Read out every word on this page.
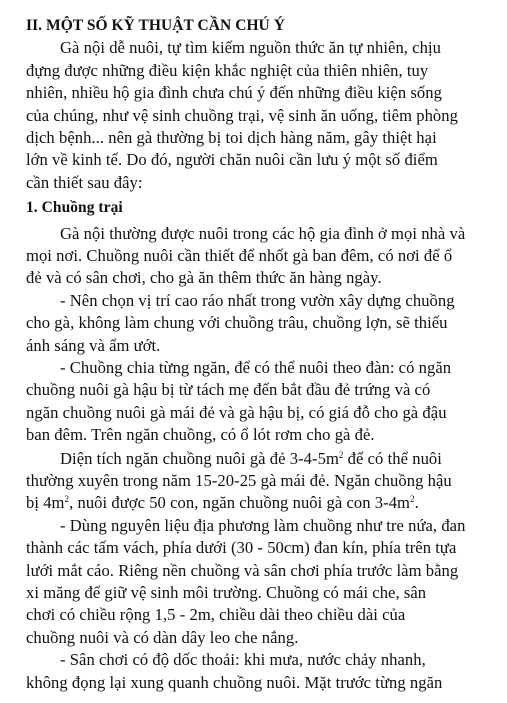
II. MỘT SỐ KỸ THUẬT CẦN CHÚ Ý
Gà nội dễ nuôi, tự tìm kiếm nguồn thức ăn tự nhiên, chịu
đựng được những điều kiện khắc nghiệt của thiên nhiên, tuy
nhiên, nhiều hộ gia đình chưa chú ý đến những điều kiện sống
của chúng, như vệ sinh chuồng trại, vệ sinh ăn uống, tiêm phòng
dịch bệnh... nên gà thường bị toi dịch hàng năm, gây thiệt hại
lớn về kinh tế. Do đó, người chăn nuôi cần lưu ý một số điểm
cần thiết sau đây:
1. Chuồng trại
Gà nội thường được nuôi trong các hộ gia đình ở mọi nhà và
mọi nơi. Chuồng nuôi cần thiết để nhốt gà ban đêm, có nơi để ổ
đẻ và có sân chơi, cho gà ăn thêm thức ăn hàng ngày.
- Nên chọn vị trí cao ráo nhất trong vườn xây dựng chuồng
cho gà, không làm chung với chuồng trâu, chuồng lợn, sẽ thiếu
ánh sáng và ẩm ướt.
- Chuồng chia từng ngăn, để có thể nuôi theo đàn: có ngăn
chuồng nuôi gà hậu bị từ tách mẹ đến bắt đầu đẻ trứng và có
ngăn chuồng nuôi gà mái đẻ và gà hậu bị, có giá đỗ cho gà đậu
ban đêm. Trên ngăn chuồng, có ổ lót rơm cho gà đẻ.
Diện tích ngăn chuồng nuôi gà đẻ $3-4-5m^2$ để có thể nuôi
thường xuyên trong năm 15-20-25 gà mái đẻ. Ngăn chuồng hậu
bị $4m^2$, nuôi được 50 con, ngăn chuồng nuôi gà con $3-4m^2$.
- Dùng nguyên liệu địa phương làm chuồng như tre nứa, đan
thành các tấm vách, phía dưới (30 - 50cm) đan kín, phía trên tựa
lưới mắt cáo. Riêng nền chuồng và sân chơi phía trước làm bằng
xi măng để giữ vệ sinh môi trường. Chuồng có mái che, sân
chơi có chiều rộng 1,5 - 2m, chiều dài theo chiều dài của
chuồng nuôi và có dàn dây leo che nắng.
- Sân chơi có độ dốc thoải: khi mưa, nước chảy nhanh,
không đọng lại xung quanh chuồng nuôi. Mặt trước từng ngăn
